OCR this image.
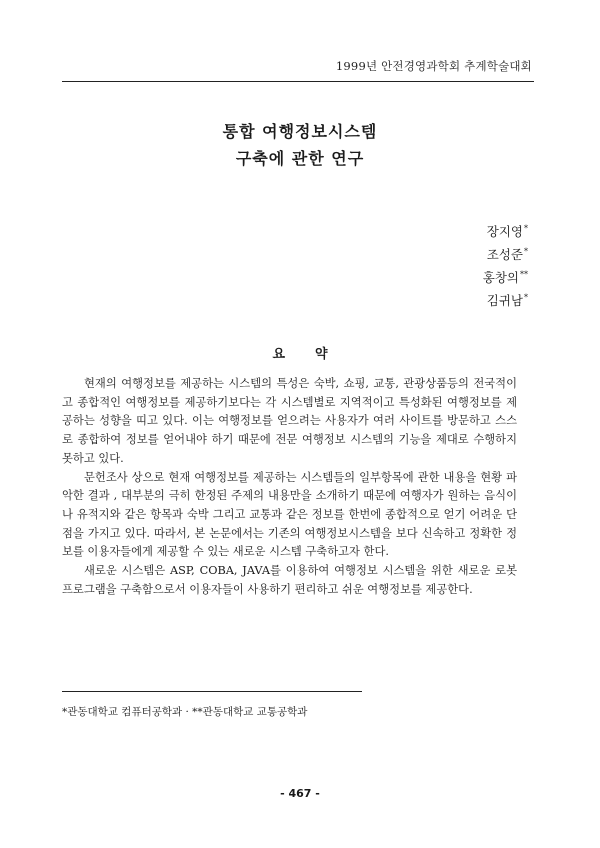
1999년 안전경영과학회 추계학술대회
통합 여행정보시스템
구축에 관한 연구
장지영*
조성준*
홍창의**
김귀남*
요 약

현재의 여행정보를 제공하는 시스템의 특성은 숙박, 쇼핑, 교통, 관광상품등의 전국적이고 종합적인 여행정보를 제공하기보다는 각 시스템별로 지역적이고 특성화된 여행정보를 제공하는 성향을 띠고 있다. 이는 여행정보를 얻으려는 사용자가 여러 사이트를 방문하고 스스로 종합하여 정보를 얻어내야 하기 때문에 전문 여행정보 시스템의 기능을 제대로 수행하지 못하고 있다.

문헌조사 상으로 현재 여행정보를 제공하는 시스템들의 일부항목에 관한 내용을 현황 파악한 결과 , 대부분의 극히 한정된 주제의 내용만을 소개하기 때문에 여행자가 원하는 음식이나 유적지와 같은 항목과 숙박 그리고 교통과 같은 정보를 한번에 종합적으로 얻기 어려운 단점을 가지고 있다. 따라서, 본 논문에서는 기존의 여행정보시스템을 보다 신속하고 정확한 정보를 이용자들에게 제공할 수 있는 새로운 시스템 구축하고자 한다.

새로운 시스템은 ASP, COBA, JAVA를 이용하여 여행정보 시스템을 위한 새로운 로봇 프로그램을 구축함으로서 이용자들이 사용하기 편리하고 쉬운 여행정보를 제공한다.

*관동대학교 컴퓨터공학과 · **관동대학교 교통공학과
- 467 -
